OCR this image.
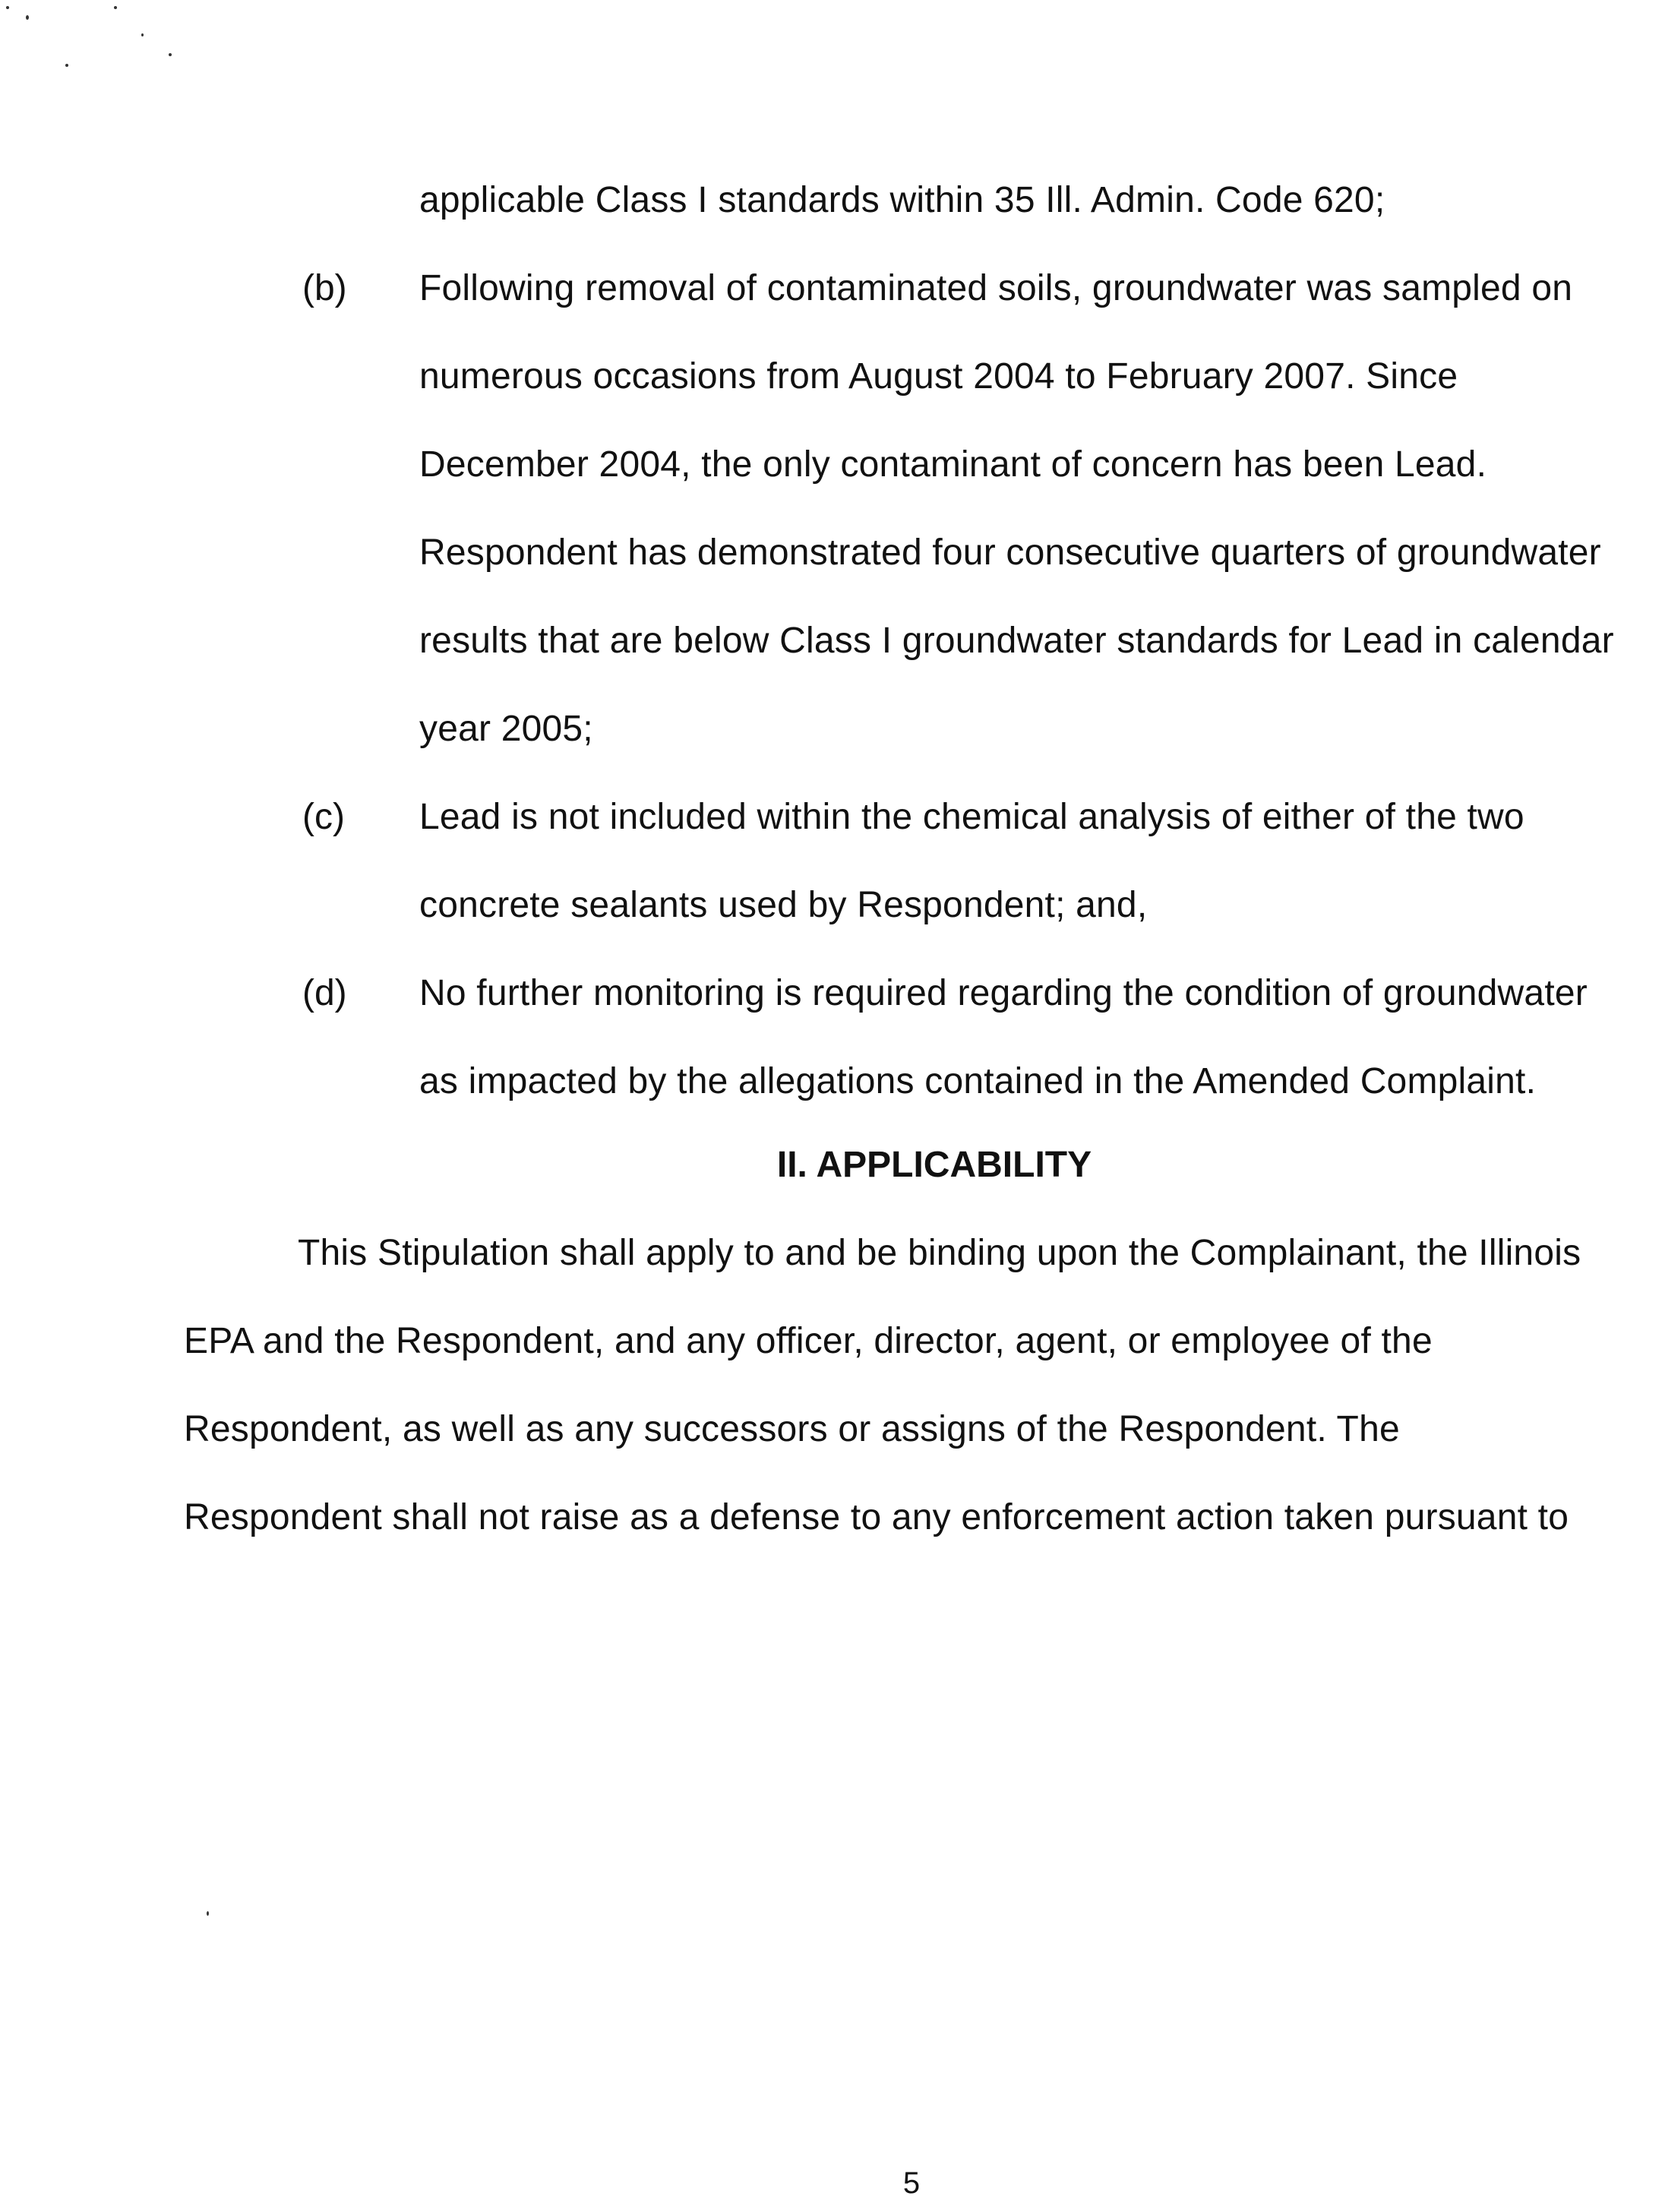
applicable Class I standards within 35 Ill. Admin. Code 620;
(b) Following removal of contaminated soils, groundwater was sampled on
numerous occasions from August 2004 to February 2007. Since
December 2004, the only contaminant of concern has been Lead.
Respondent has demonstrated four consecutive quarters of groundwater
results that are below Class I groundwater standards for Lead in calendar
year 2005;
(c) Lead is not included within the chemical analysis of either of the two
concrete sealants used by Respondent; and,
(d) No further monitoring is required regarding the condition of groundwater
as impacted by the allegations contained in the Amended Complaint.
II. APPLICABILITY
This Stipulation shall apply to and be binding upon the Complainant, the Illinois
EPA and the Respondent, and any officer, director, agent, or employee of the
Respondent, as well as any successors or assigns of the Respondent. The
Respondent shall not raise as a defense to any enforcement action taken pursuant to
5
